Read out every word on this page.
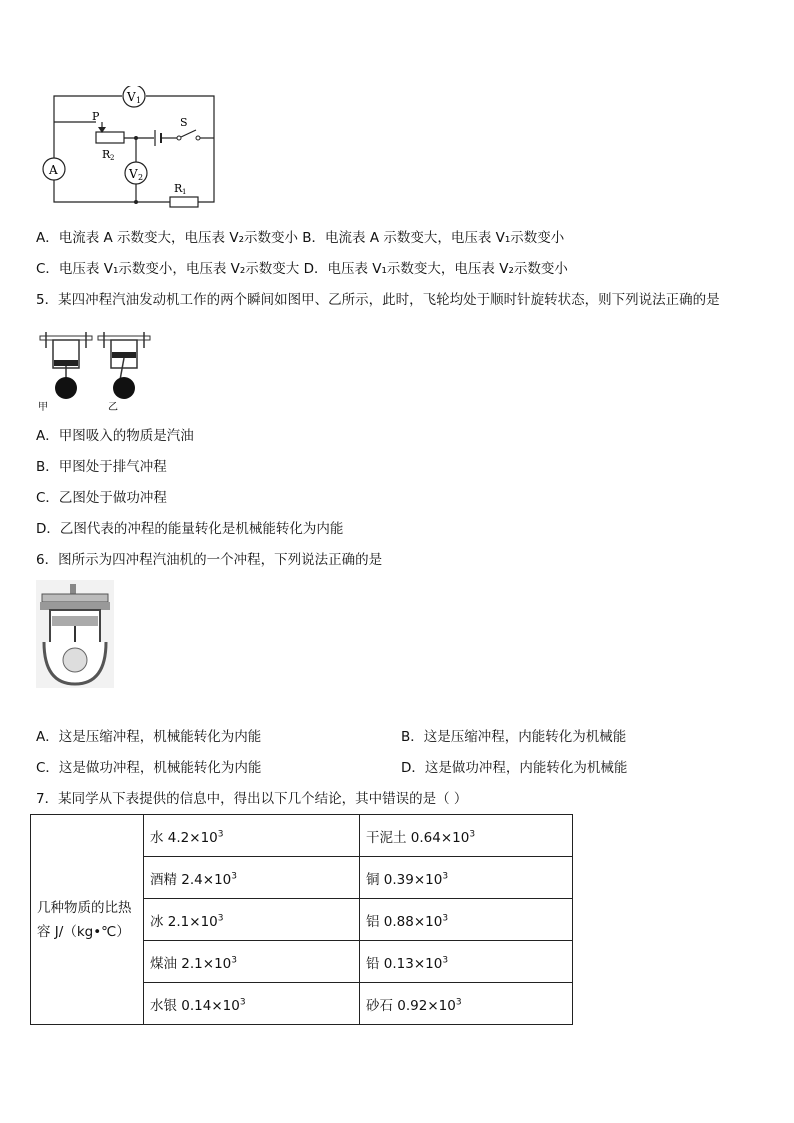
V 1
A
P
R 2
S
V 2
R 1
A．电流表 A 示数变大，电压表 V₂示数变小 B．电流表 A 示数变大，电压表 V₁示数变小
C．电压表 V₁示数变小，电压表 V₂示数变大 D．电压表 V₁示数变大，电压表 V₂示数变小
5．某四冲程汽油发动机工作的两个瞬间如图甲、乙所示，此时，飞轮均处于顺时针旋转状态，则下列说法正确的是
甲	乙
A．甲图吸入的物质是汽油
B．甲图处于排气冲程
C．乙图处于做功冲程
D．乙图代表的冲程的能量转化是机械能转化为内能
6．图所示为四冲程汽油机的一个冲程，下列说法正确的是
A．这是压缩冲程，机械能转化为内能	B．这是压缩冲程，内能转化为机械能
C．这是做功冲程，机械能转化为内能	D．这是做功冲程，内能转化为机械能
7．某同学从下表提供的信息中，得出以下几个结论，其中错误的是（ ）
几种物质的比热
容 J/（kg•℃）	水 $4.2\times 10^3$	干泥土 $0.64\times 10^3$
	酒精 $2.4\times 10^3$	铜 $0.39\times 10^3$
	冰 $2.1\times 10^3$	铝 $0.88\times 10^3$
	煤油 $2.1\times 10^3$	铅 $0.13\times 10^3$
	水银 $0.14\times 10^3$	砂石 $0.92\times 10^3$
